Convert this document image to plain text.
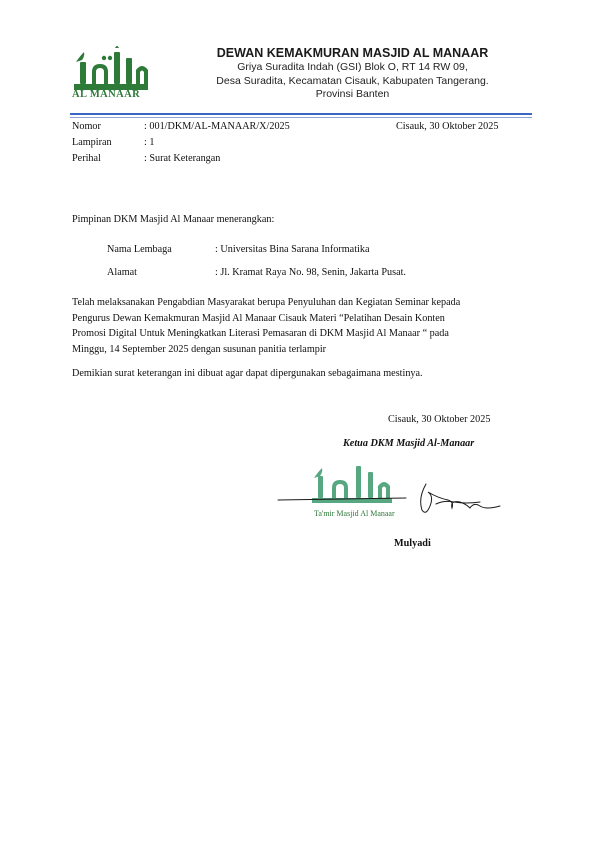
AL MANAAR
DEWAN KEMAKMURAN MASJID AL MANAAR
Griya Suradita Indah (GSI) Blok O, RT 14 RW 09,
Desa Suradita, Kecamatan Cisauk, Kabupaten Tangerang.
Provinsi Banten
Nomor	: 001/DKM/AL-MANAAR/X/2025	Cisauk, 30 Oktober 2025
Lampiran	: 1
Perihal	: Surat Keterangan
Pimpinan DKM Masjid Al Manaar menerangkan:
Nama Lembaga	: Universitas Bina Sarana Informatika
Alamat	: Jl. Kramat Raya No. 98, Senin, Jakarta Pusat.
Telah melaksanakan Pengabdian Masyarakat berupa Penyuluhan dan Kegiatan Seminar kepada
Pengurus Dewan Kemakmuran Masjid Al Manaar Cisauk Materi “Pelatihan Desain Konten
Promosi Digital Untuk Meningkatkan Literasi Pemasaran di DKM Masjid Al Manaar “ pada
Minggu, 14 September 2025 dengan susunan panitia terlampir
Demikian surat keterangan ini dibuat agar dapat dipergunakan sebagaimana mestinya.
Cisauk, 30 Oktober 2025
Ketua DKM Masjid Al-Manaar
Ta'mir Masjid Al Manaar
Mulyadi
